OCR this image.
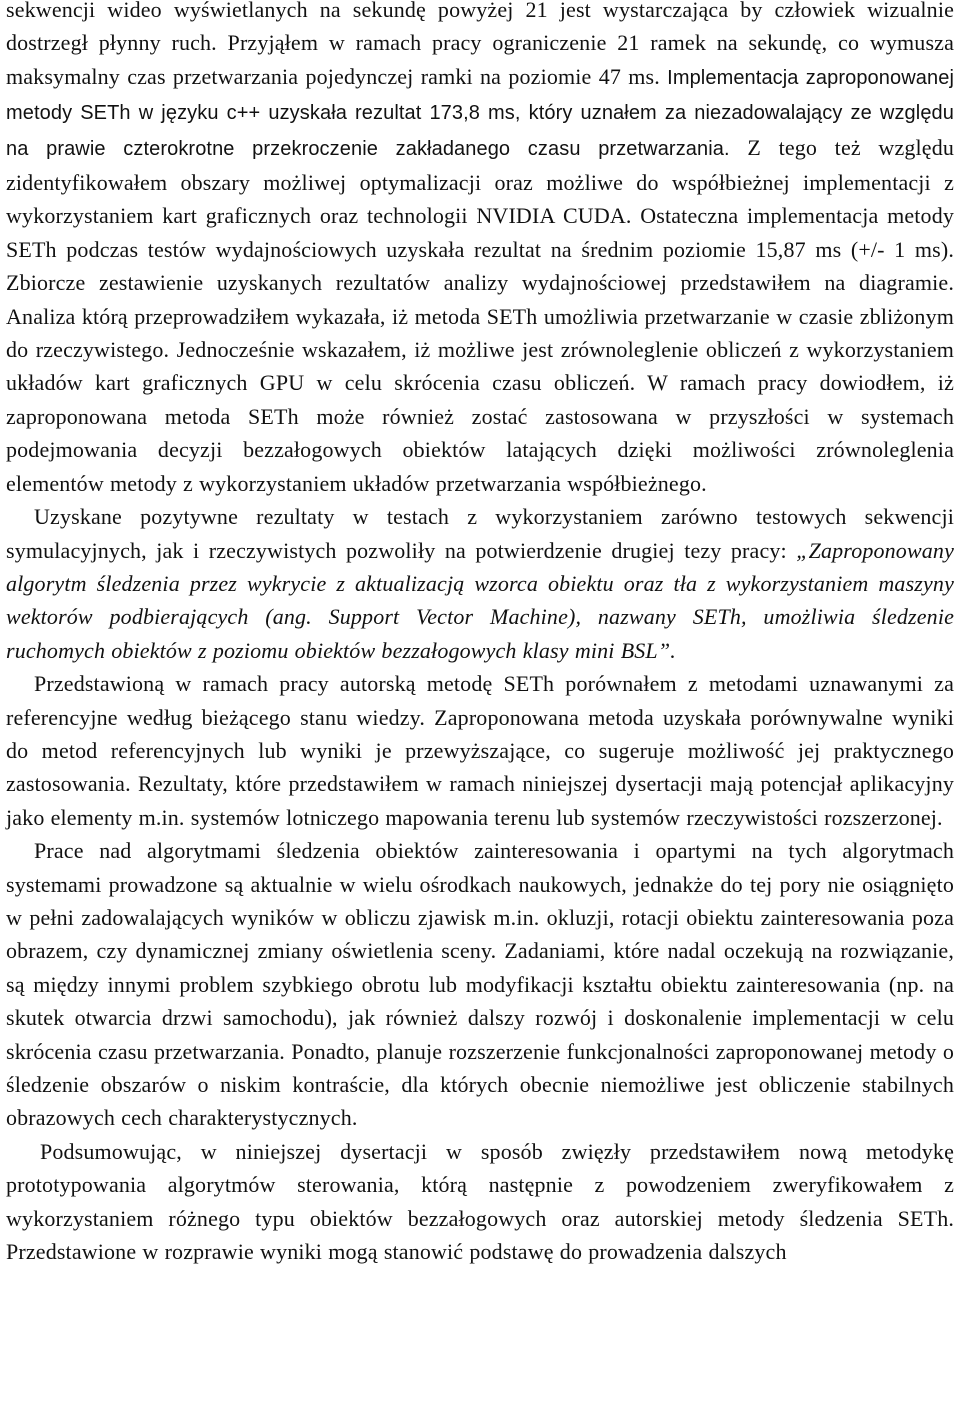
sekwencji wideo wyświetlanych na sekundę powyżej 21 jest wystarczająca by człowiek wizualnie dostrzegł płynny ruch. Przyjąłem w ramach pracy ograniczenie 21 ramek na sekundę, co wymusza maksymalny czas przetwarzania pojedynczej ramki na poziomie 47 ms. Implementacja zaproponowanej metody SETh w języku c++ uzyskała rezultat 173,8 ms, który uznałem za niezadowalający ze względu na prawie czterokrotne przekroczenie zakładanego czasu przetwarzania. Z tego też względu zidentyfikowałem obszary możliwej optymalizacji oraz możliwe do współbieżnej implementacji z wykorzystaniem kart graficznych oraz technologii NVIDIA CUDA. Ostateczna implementacja metody SETh podczas testów wydajnościowych uzyskała rezultat na średnim poziomie 15,87 ms (+/- 1 ms). Zbiorcze zestawienie uzyskanych rezultatów analizy wydajnościowej przedstawiłem na diagramie. Analiza którą przeprowadziłem wykazała, iż metoda SETh umożliwia przetwarzanie w czasie zbliżonym do rzeczywistego. Jednocześnie wskazałem, iż możliwe jest zrównoleglenie obliczeń z wykorzystaniem układów kart graficznych GPU w celu skrócenia czasu obliczeń. W ramach pracy dowiodłem, iż zaproponowana metoda SETh może również zostać zastosowana w przyszłości w systemach podejmowania decyzji bezzałogowych obiektów latających dzięki możliwości zrównoleglenia elementów metody z wykorzystaniem układów przetwarzania współbieżnego.

Uzyskane pozytywne rezultaty w testach z wykorzystaniem zarówno testowych sekwencji symulacyjnych, jak i rzeczywistych pozwoliły na potwierdzenie drugiej tezy pracy: „Zaproponowany algorytm śledzenia przez wykrycie z aktualizacją wzorca obiektu oraz tła z wykorzystaniem maszyny wektorów podbierających (ang. Support Vector Machine), nazwany SETh, umożliwia śledzenie ruchomych obiektów z poziomu obiektów bezzałogowych klasy mini BSL”.

Przedstawioną w ramach pracy autorską metodę SETh porównałem z metodami uznawanymi za referencyjne według bieżącego stanu wiedzy. Zaproponowana metoda uzyskała porównywalne wyniki do metod referencyjnych lub wyniki je przewyższające, co sugeruje możliwość jej praktycznego zastosowania. Rezultaty, które przedstawiłem w ramach niniejszej dysertacji mają potencjał aplikacyjny jako elementy m.in. systemów lotniczego mapowania terenu lub systemów rzeczywistości rozszerzonej.

Prace nad algorytmami śledzenia obiektów zainteresowania i opartymi na tych algorytmach systemami prowadzone są aktualnie w wielu ośrodkach naukowych, jednakże do tej pory nie osiągnięto w pełni zadowalających wyników w obliczu zjawisk m.in. okluzji, rotacji obiektu zainteresowania poza obrazem, czy dynamicznej zmiany oświetlenia sceny. Zadaniami, które nadal oczekują na rozwiązanie, są między innymi problem szybkiego obrotu lub modyfikacji kształtu obiektu zainteresowania (np. na skutek otwarcia drzwi samochodu), jak również dalszy rozwój i doskonalenie implementacji w celu skrócenia czasu przetwarzania. Ponadto, planuje rozszerzenie funkcjonalności zaproponowanej metody o śledzenie obszarów o niskim kontraście, dla których obecnie niemożliwe jest obliczenie stabilnych obrazowych cech charakterystycznych.

Podsumowując, w niniejszej dysertacji w sposób zwięzły przedstawiłem nową metodykę prototypowania algorytmów sterowania, którą następnie z powodzeniem zweryfikowałem z wykorzystaniem różnego typu obiektów bezzałogowych oraz autorskiej metody śledzenia SETh. Przedstawione w rozprawie wyniki mogą stanowić podstawę do prowadzenia dalszych
